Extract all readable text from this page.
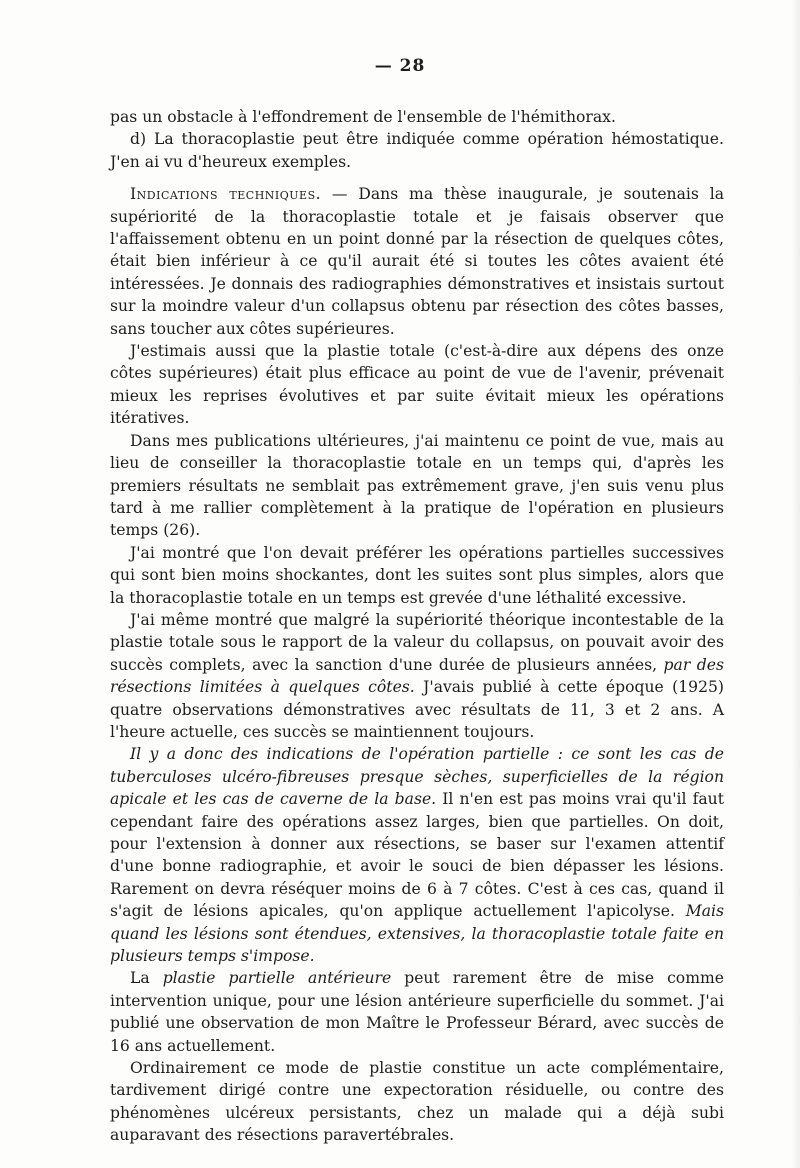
— 28

pas un obstacle à l'effondrement de l'ensemble de l'hémithorax.

d) La thoracoplastie peut être indiquée comme opération hémostatique. J'en ai vu d'heureux exemples.

Indications techniques. — Dans ma thèse inaugurale, je soutenais la supériorité de la thoracoplastie totale et je faisais observer que l'affaissement obtenu en un point donné par la résection de quelques côtes, était bien inférieur à ce qu'il aurait été si toutes les côtes avaient été intéressées. Je donnais des radiographies démonstratives et insistais surtout sur la moindre valeur d'un collapsus obtenu par résection des côtes basses, sans toucher aux côtes supérieures.

J'estimais aussi que la plastie totale (c'est-à-dire aux dépens des onze côtes supérieures) était plus efficace au point de vue de l'avenir, prévenait mieux les reprises évolutives et par suite évitait mieux les opérations itératives.

Dans mes publications ultérieures, j'ai maintenu ce point de vue, mais au lieu de conseiller la thoracoplastie totale en un temps qui, d'après les premiers résultats ne semblait pas extrêmement grave, j'en suis venu plus tard à me rallier complètement à la pratique de l'opération en plusieurs temps (26).

J'ai montré que l'on devait préférer les opérations partielles successives qui sont bien moins shockantes, dont les suites sont plus simples, alors que la thoracoplastie totale en un temps est grevée d'une léthalité excessive.

J'ai même montré que malgré la supériorité théorique incontestable de la plastie totale sous le rapport de la valeur du collapsus, on pouvait avoir des succès complets, avec la sanction d'une durée de plusieurs années, par des résections limitées à quelques côtes. J'avais publié à cette époque (1925) quatre observations démonstratives avec résultats de 11, 3 et 2 ans. A l'heure actuelle, ces succès se maintiennent toujours.

Il y a donc des indications de l'opération partielle : ce sont les cas de tuberculoses ulcéro-fibreuses presque sèches, superficielles de la région apicale et les cas de caverne de la base. Il n'en est pas moins vrai qu'il faut cependant faire des opérations assez larges, bien que partielles. On doit, pour l'extension à donner aux résections, se baser sur l'examen attentif d'une bonne radiographie, et avoir le souci de bien dépasser les lésions. Rarement on devra réséquer moins de 6 à 7 côtes. C'est à ces cas, quand il s'agit de lésions apicales, qu'on applique actuellement l'apicolyse. Mais quand les lésions sont étendues, extensives, la thoracoplastie totale faite en plusieurs temps s'impose.

La plastie partielle antérieure peut rarement être de mise comme intervention unique, pour une lésion antérieure superficielle du sommet. J'ai publié une observation de mon Maître le Professeur Bérard, avec succès de 16 ans actuellement.

Ordinairement ce mode de plastie constitue un acte complémentaire, tardivement dirigé contre une expectoration résiduelle, ou contre des phénomènes ulcéreux persistants, chez un malade qui a déjà subi auparavant des résections paravertébrales.
